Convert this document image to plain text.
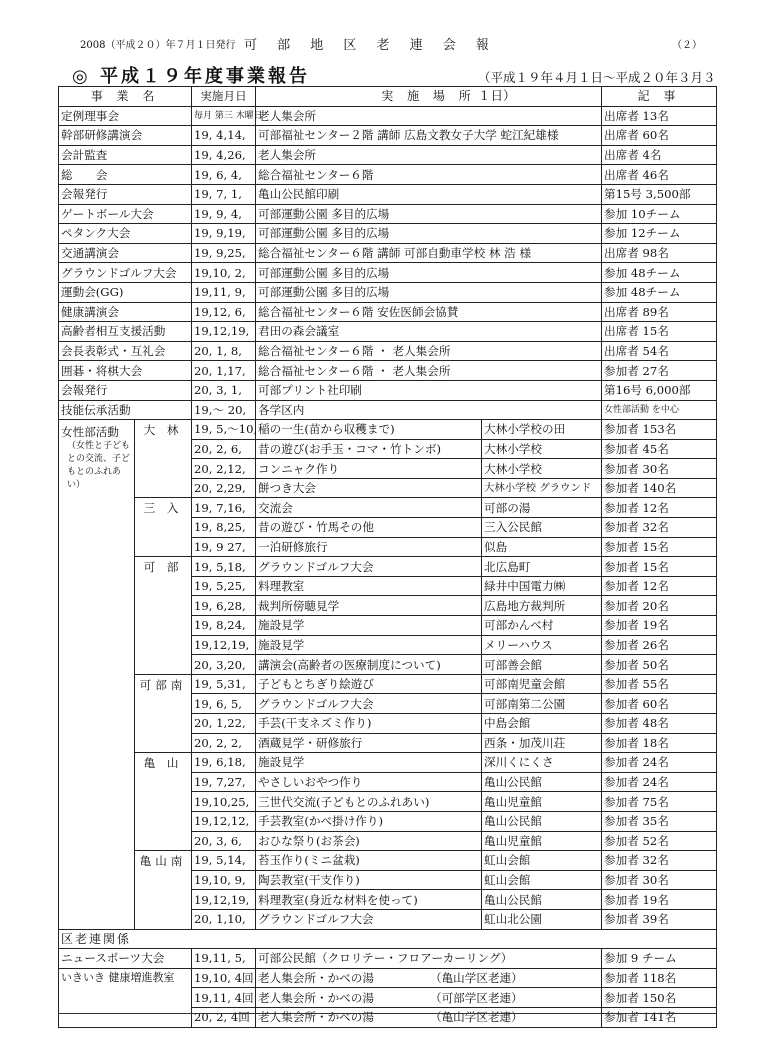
2008（平成２０）年７月１日発行 可 部 地 区 老 連 会 報	（２）
◎ 平成１９年度事業報告	（平成１９年４月１日～平成２０年３月３１日）
事 業 名		実施月日	実 施 場 所		記 事
定例理事会		毎月 第三 木曜日	老人集会所		出席者 13名
幹部研修講演会		19, 4,14,	可部福祉センター２階 講師 広島文教女子大学 蛇江紀雄様		出席者 60名
会計監査		19, 4,26,	老人集会所		出席者 4名
総　　会		19, 6, 4,	総合福祉センター６階		出席者 46名
会報発行		19, 7, 1,	亀山公民館印刷		第15号 3,500部
ゲートボール大会		19, 9, 4,	可部運動公園 多目的広場		参加 10チーム
ペタンク大会		19, 9,19,	可部運動公園 多目的広場		参加 12チーム
交通講演会		19, 9,25,	総合福祉センター６階 講師 可部自動車学校 林 浩 様		出席者 98名
グラウンドゴルフ大会		19,10, 2,	可部運動公園 多目的広場		参加 48チーム
運動会(GG)		19,11, 9,	可部運動公園 多目的広場		参加 48チーム
健康講演会		19,12, 6,	総合福祉センター６階 安佐医師会協賛		出席者 89名
高齢者相互支援活動		19,12,19,	君田の森会議室		出席者 15名
会長表彰式・互礼会		20, 1, 8,	総合福祉センター６階 ・ 老人集会所		出席者 54名
囲碁・将棋大会		20, 1,17,	総合福祉センター６階 ・ 老人集会所		参加者 27名
会報発行		20, 3, 1,	可部プリント社印刷		第16号 6,000部
技能伝承活動		19,～ 20,	各学区内		女性部活動 を中心

女性部活動
（女性と子どもとの交流、子どもとのふれあい）	大 林	19, 5,～10,	稲の一生(苗から収穫まで)	大林小学校の田	参加者 153名
		20, 2, 6,	昔の遊び(お手玉・コマ・竹トンボ)	大林小学校	参加者 45名
		20, 2,12,	コンニャク作り	大林小学校	参加者 30名
		20, 2,29,	餅つき大会	大林小学校 グラウンド	参加者 140名
	三 入	19, 7,16,	交流会	可部の湯	参加者 12名
		19, 8,25,	昔の遊び・竹馬その他	三入公民館	参加者 32名
		19, 9 27,	一泊研修旅行	似島	参加者 15名
	可 部	19, 5,18,	グラウンドゴルフ大会	北広島町	参加者 15名
		19, 5,25,	料理教室	緑井中国電力㈱	参加者 12名
		19, 6,28,	裁判所傍聴見学	広島地方裁判所	参加者 20名
		19, 8,24,	施設見学	可部かんべ村	参加者 19名
		19,12,19,	施設見学	メリーハウス	参加者 26名
		20, 3,20,	講演会(高齢者の医療制度について)	可部善会館	参加者 50名
	可部南	19, 5,31,	子どもとちぎり絵遊び	可部南児童会館	参加者 55名
		19, 6, 5,	グラウンドゴルフ大会	可部南第二公園	参加者 60名
		20, 1,22,	手芸(干支ネズミ作り)	中島会館	参加者 48名
		20, 2, 2,	酒蔵見学・研修旅行	西条・加茂川荘	参加者 18名
	亀 山	19, 6,18,	施設見学	深川くにくさ	参加者 24名
		19, 7,27,	やさしいおやつ作り	亀山公民館	参加者 24名
		19,10,25,	三世代交流(子どもとのふれあい)	亀山児童館	参加者 75名
		19,12,12,	手芸教室(かべ掛け作り)	亀山公民館	参加者 35名
		20, 3, 6,	おひな祭り(お茶会)	亀山児童館	参加者 52名
	亀山南	19, 5,14,	苔玉作り(ミニ盆栽)	虹山会館	参加者 32名
		19,10, 9,	陶芸教室(干支作り)	虹山会館	参加者 30名
		19,12,19,	料理教室(身近な材料を使って)	亀山公民館	参加者 19名
		20, 1,10,	グラウンドゴルフ大会	虹山北公園	参加者 39名
区老連関係					
ニュースポーツ大会		19,11, 5,	可部公民館（クロリテー・フロアーカーリング）		参加 9 チーム
いきいき 健康増進教室		19,10, 4回	老人集会所・かべの湯 （亀山学区老連）		参加者 118名
		19,11, 4回	老人集会所・かべの湯 （可部学区老連）		参加者 150名
		20, 2, 4回	老人集会所・かべの湯 （亀山学区老連）		参加者 141名
